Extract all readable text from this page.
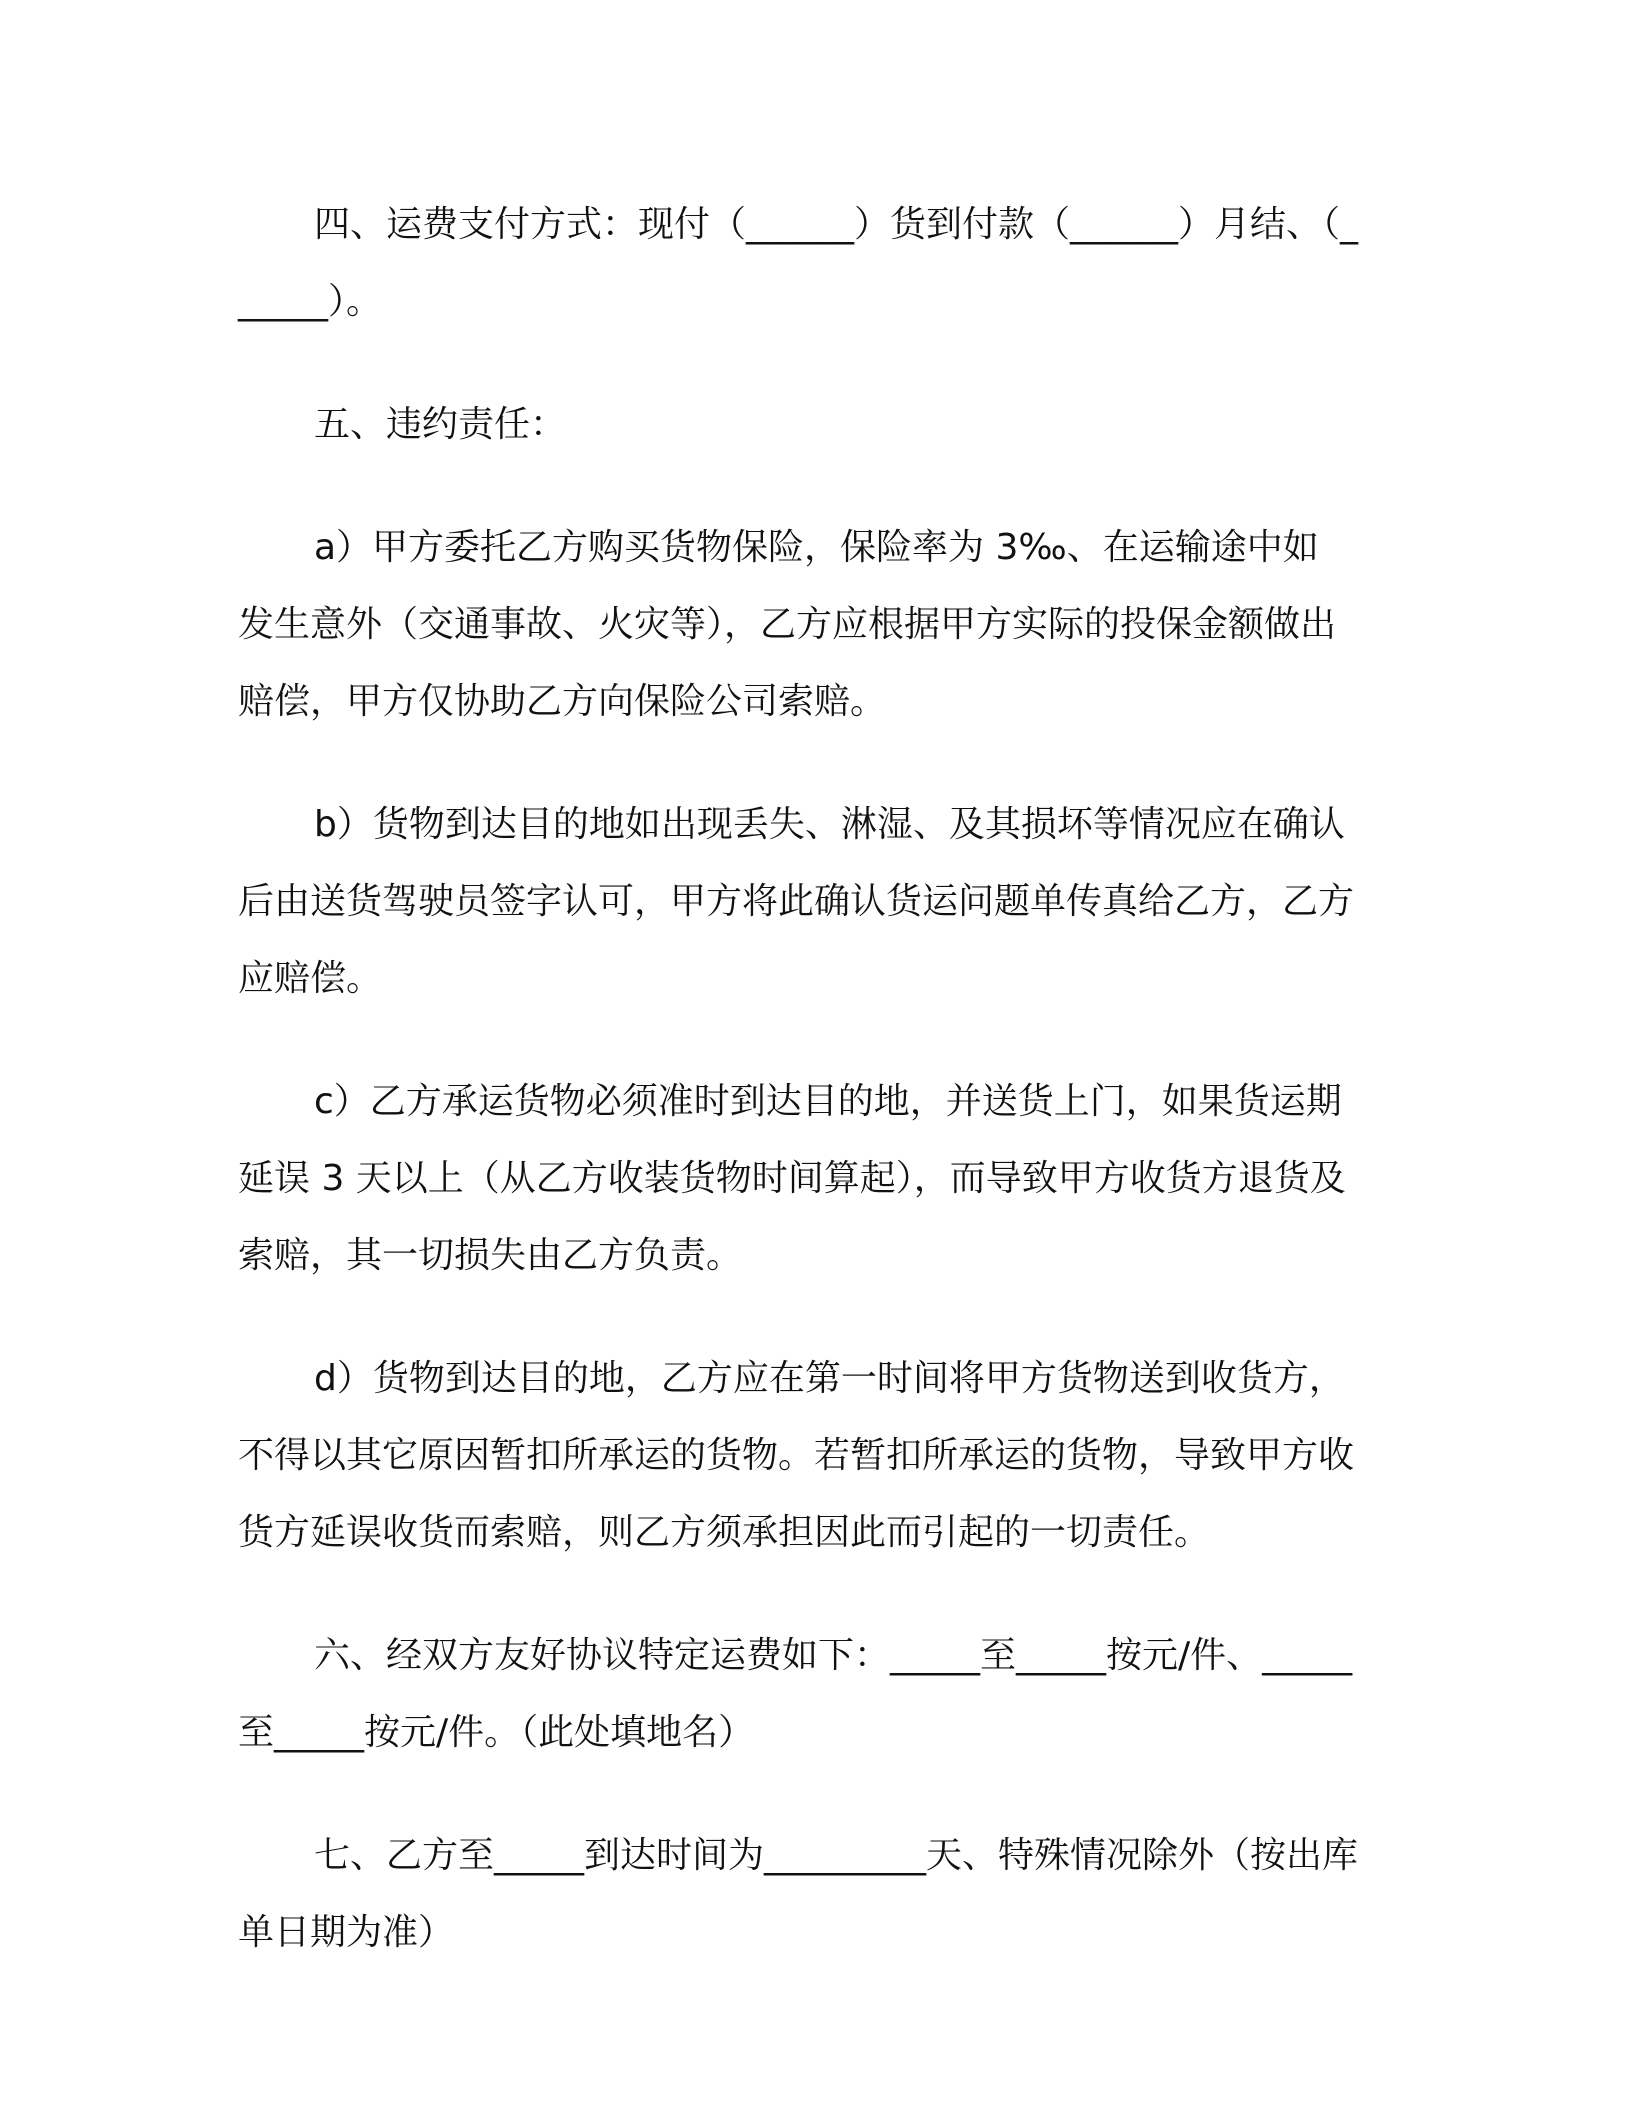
四、运费支付方式：现付（______）货到付款（______）月结、（______）。

五、违约责任：

a）甲方委托乙方购买货物保险，保险率为 3‰、在运输途中如发生意外（交通事故、火灾等），乙方应根据甲方实际的投保金额做出赔偿，甲方仅协助乙方向保险公司索赔。

b）货物到达目的地如出现丢失、淋湿、及其损坏等情况应在确认后由送货驾驶员签字认可，甲方将此确认货运问题单传真给乙方，乙方应赔偿。

c）乙方承运货物必须准时到达目的地，并送货上门，如果货运期延误 3 天以上（从乙方收装货物时间算起），而导致甲方收货方退货及索赔，其一切损失由乙方负责。

d）货物到达目的地，乙方应在第一时间将甲方货物送到收货方，不得以其它原因暂扣所承运的货物。若暂扣所承运的货物，导致甲方收货方延误收货而索赔，则乙方须承担因此而引起的一切责任。

六、经双方友好协议特定运费如下：_____至_____按元/件、_____至_____按元/件。（此处填地名）

七、乙方至_____到达时间为_________天、特殊情况除外（按出库单日期为准）
